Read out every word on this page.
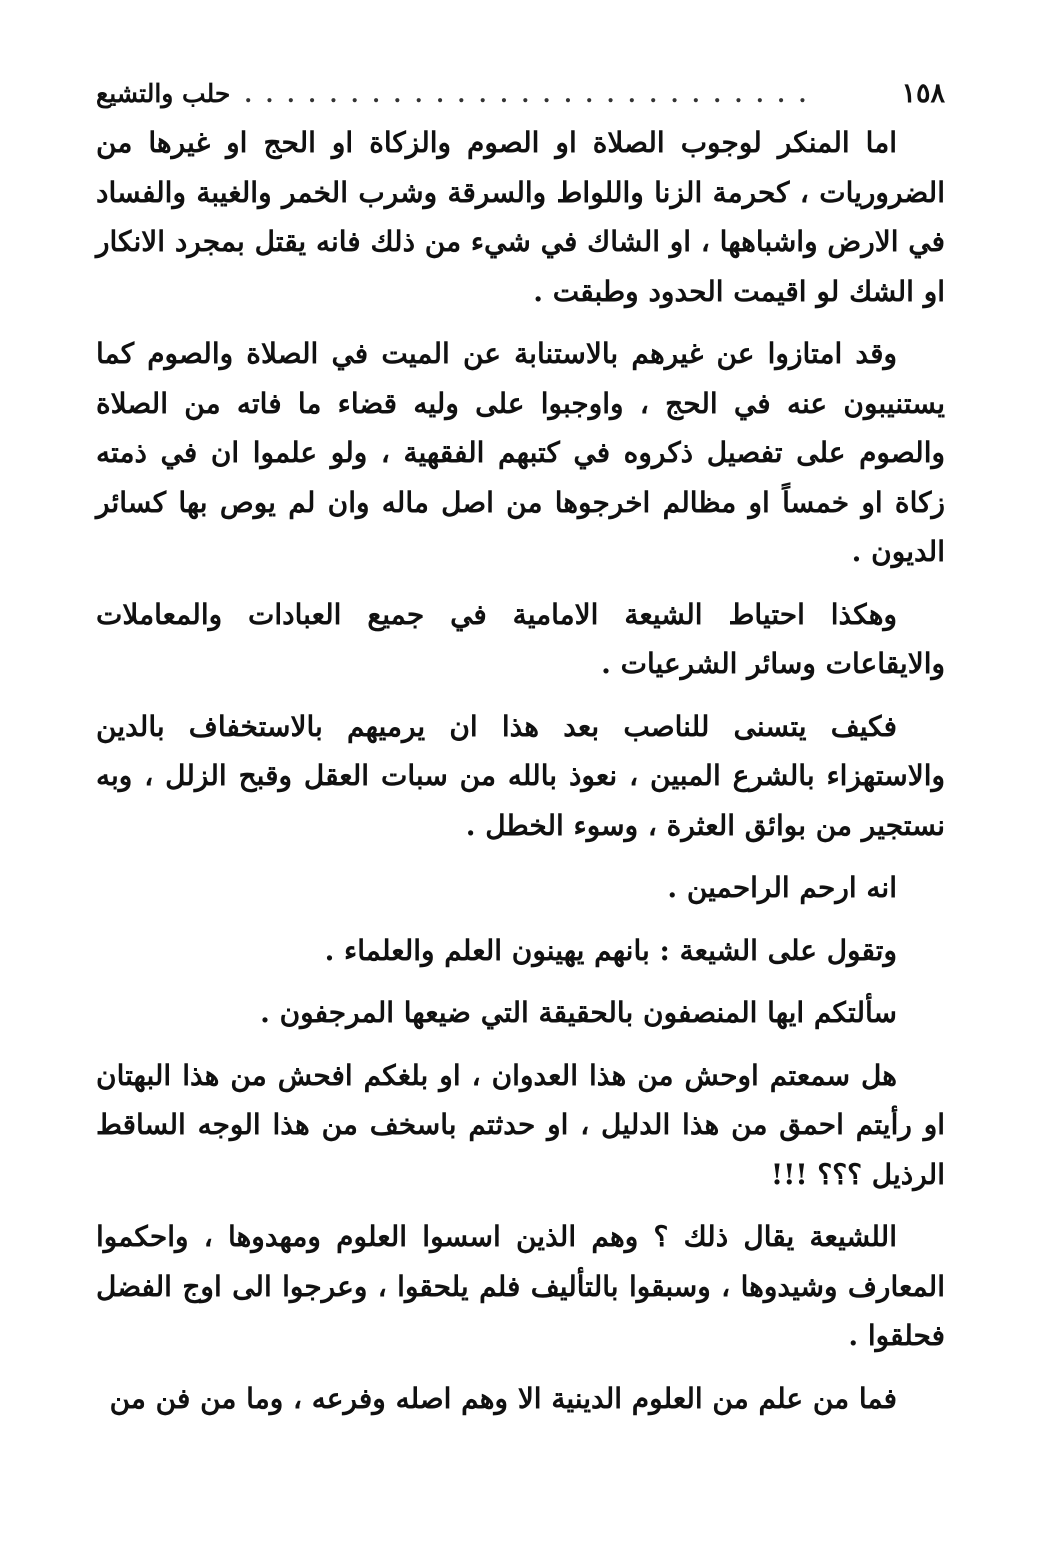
١٥٨
. . . . . . . . . . . . . . . . . . . . . . . . . . .
حلب والتشيع

اما المنكر لوجوب الصلاة او الصوم والزكاة او الحج او غيرها من الضروريات ، كحرمة الزنا واللواط والسرقة وشرب الخمر والغيبة والفساد في الارض واشباهها ، او الشاك في شيء من ذلك فانه يقتل بمجرد الانكار او الشك لو اقيمت الحدود وطبقت .

وقد امتازوا عن غيرهم بالاستنابة عن الميت في الصلاة والصوم كما يستنيبون عنه في الحج ، واوجبوا على وليه قضاء ما فاته من الصلاة والصوم على تفصيل ذكروه في كتبهم الفقهية ، ولو علموا ان في ذمته زكاة او خمساً او مظالم اخرجوها من اصل ماله وان لم يوص بها كسائر الديون .

وهكذا احتياط الشيعة الامامية في جميع العبادات والمعاملات والايقاعات وسائر الشرعيات .

فكيف يتسنى للناصب بعد هذا ان يرميهم بالاستخفاف بالدين والاستهزاء بالشرع المبين ، نعوذ بالله من سبات العقل وقبح الزلل ، وبه نستجير من بوائق العثرة ، وسوء الخطل .

انه ارحم الراحمين .

وتقول على الشيعة : بانهم يهينون العلم والعلماء .

سألتكم ايها المنصفون بالحقيقة التي ضيعها المرجفون .

هل سمعتم اوحش من هذا العدوان ، او بلغكم افحش من هذا البهتان او رأيتم احمق من هذا الدليل ، او حدثتم باسخف من هذا الوجه الساقط الرذيل ؟؟؟ !!!

اللشيعة يقال ذلك ؟ وهم الذين اسسوا العلوم ومهدوها ، واحكموا المعارف وشيدوها ، وسبقوا بالتأليف فلم يلحقوا ، وعرجوا الى اوج الفضل فحلقوا .

فما من علم من العلوم الدينية الا وهم اصله وفرعه ، وما من فن من
